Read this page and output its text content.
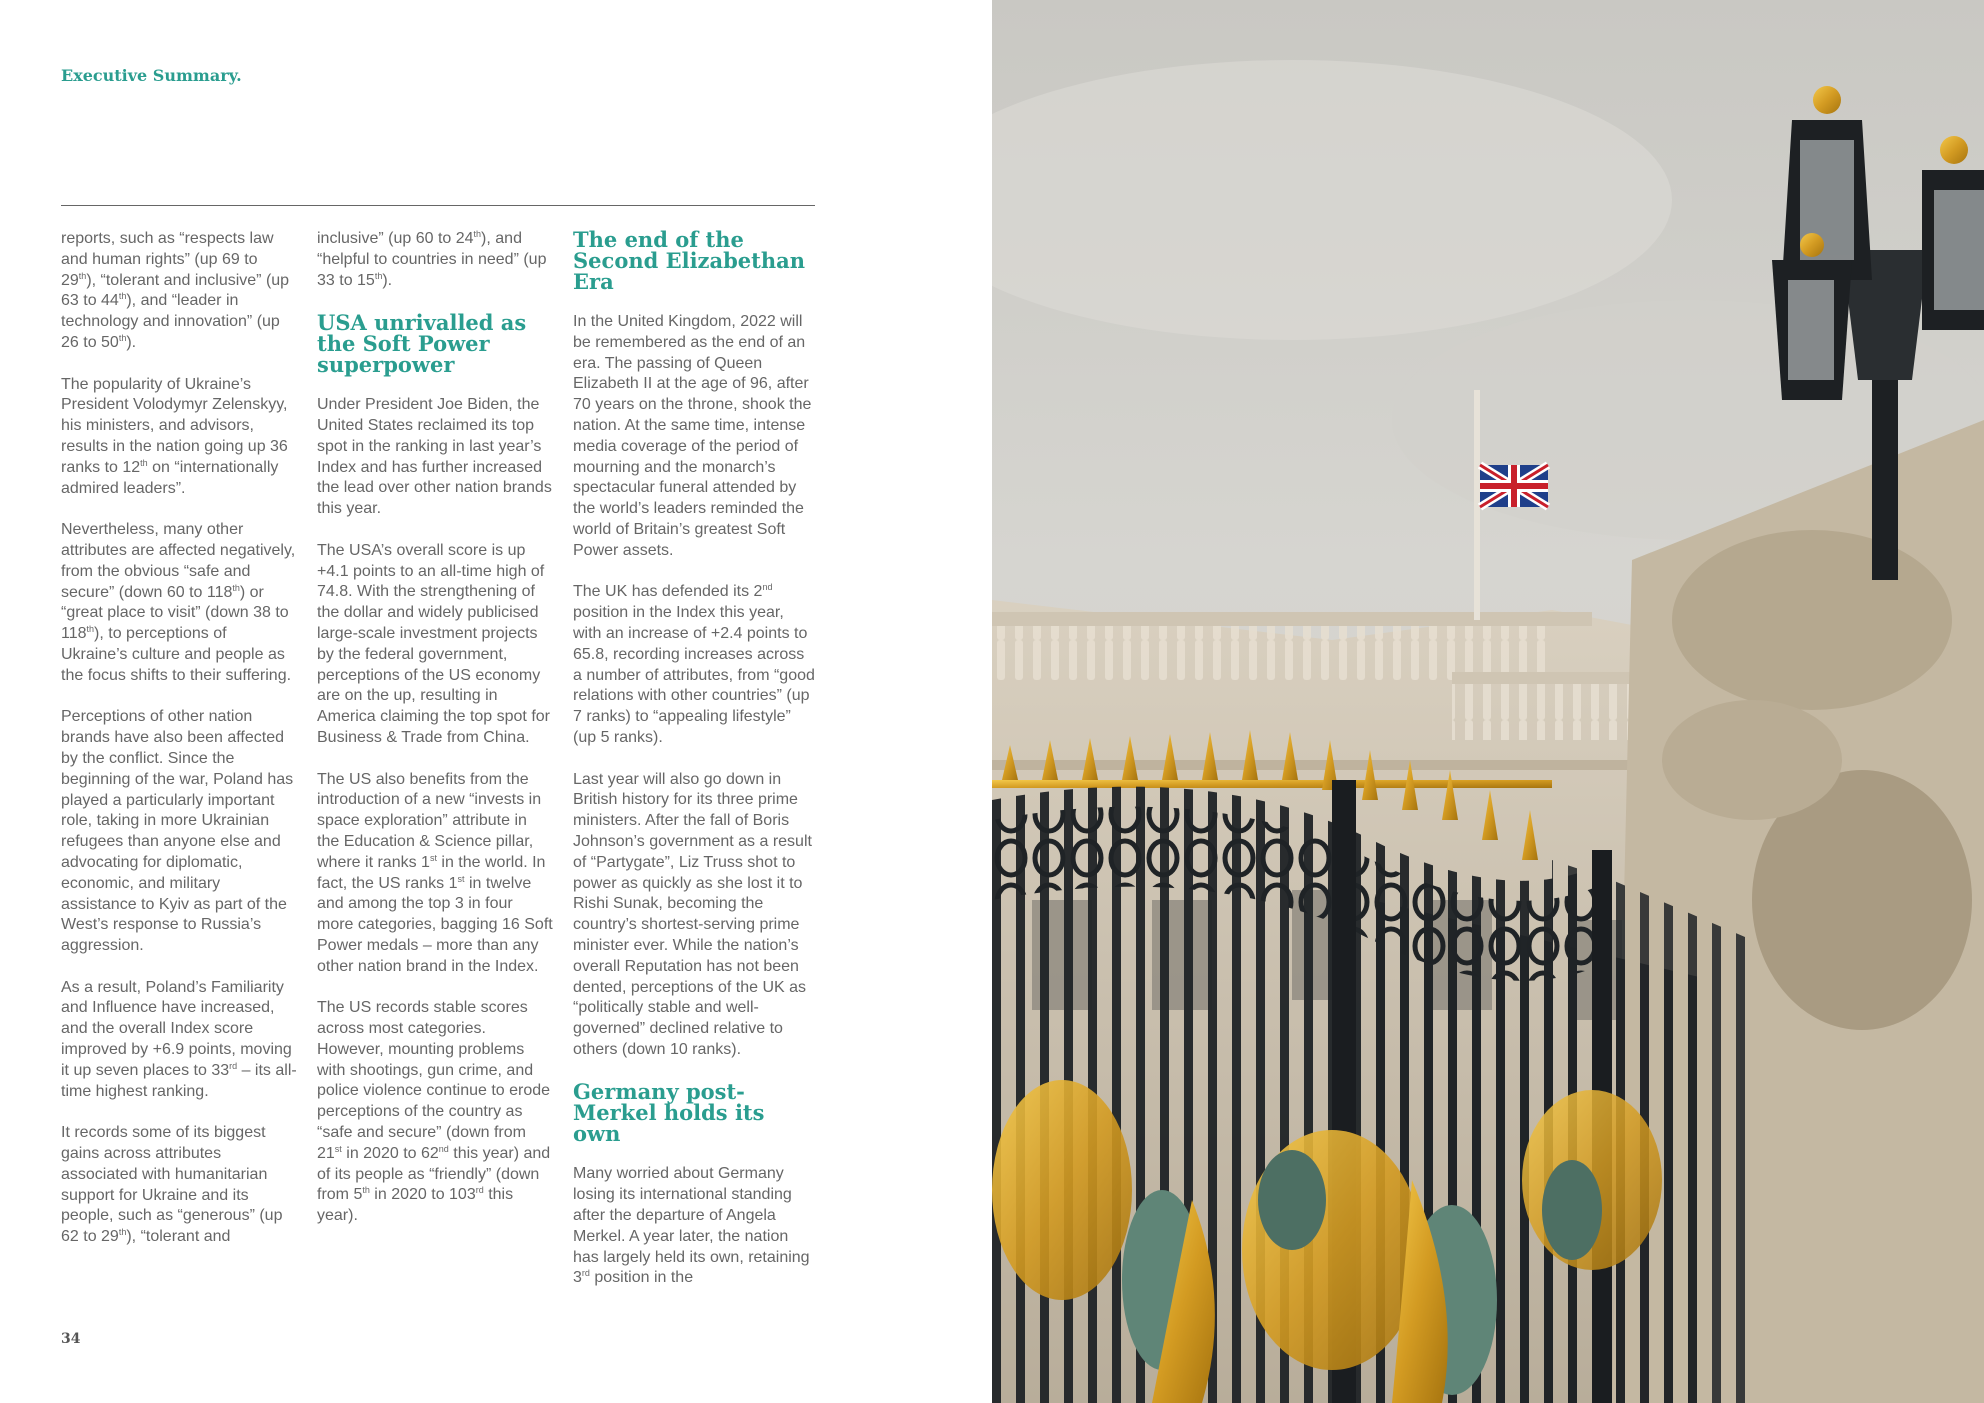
Executive Summary.

reports, such as “respects law and human rights” (up 69 to 29th), “tolerant and inclusive” (up 63 to 44th), and “leader in technology and innovation” (up 26 to 50th).

The popularity of Ukraine’s President Volodymyr Zelenskyy, his ministers, and advisors, results in the nation going up 36 ranks to 12th on “internationally admired leaders”.

Nevertheless, many other attributes are affected negatively, from the obvious “safe and secure” (down 60 to 118th) or “great place to visit” (down 38 to 118th), to perceptions of Ukraine’s culture and people as the focus shifts to their suffering.

Perceptions of other nation brands have also been affected by the conflict. Since the beginning of the war, Poland has played a particularly important role, taking in more Ukrainian refugees than anyone else and advocating for diplomatic, economic, and military assistance to Kyiv as part of the West’s response to Russia’s aggression.

As a result, Poland’s Familiarity and Influence have increased, and the overall Index score improved by +6.9 points, moving it up seven places to 33rd – its all-time highest ranking.

It records some of its biggest gains across attributes associated with humanitarian support for Ukraine and its people, such as “generous” (up 62 to 29th), “tolerant and

inclusive” (up 60 to 24th), and “helpful to countries in need” (up 33 to 15th).

USA unrivalled as the Soft Power superpower

Under President Joe Biden, the United States reclaimed its top spot in the ranking in last year’s Index and has further increased the lead over other nation brands this year.

The USA’s overall score is up +4.1 points to an all-time high of 74.8. With the strengthening of the dollar and widely publicised large-scale investment projects by the federal government, perceptions of the US economy are on the up, resulting in America claiming the top spot for Business & Trade from China.

The US also benefits from the introduction of a new “invests in space exploration” attribute in the Education & Science pillar, where it ranks 1st in the world. In fact, the US ranks 1st in twelve and among the top 3 in four more categories, bagging 16 Soft Power medals – more than any other nation brand in the Index.

The US records stable scores across most categories. However, mounting problems with shootings, gun crime, and police violence continue to erode perceptions of the country as “safe and secure” (down from 21st in 2020 to 62nd this year) and of its people as “friendly” (down from 5th in 2020 to 103rd this year).

The end of the Second Elizabethan Era

In the United Kingdom, 2022 will be remembered as the end of an era. The passing of Queen Elizabeth II at the age of 96, after 70 years on the throne, shook the nation. At the same time, intense media coverage of the period of mourning and the monarch’s spectacular funeral attended by the world’s leaders reminded the world of Britain’s greatest Soft Power assets.

The UK has defended its 2nd position in the Index this year, with an increase of +2.4 points to 65.8, recording increases across a number of attributes, from “good relations with other countries” (up 7 ranks) to “appealing lifestyle” (up 5 ranks).

Last year will also go down in British history for its three prime ministers. After the fall of Boris Johnson’s government as a result of “Partygate”, Liz Truss shot to power as quickly as she lost it to Rishi Sunak, becoming the country’s shortest-serving prime minister ever. While the nation’s overall Reputation has not been dented, perceptions of the UK as “politically stable and well-governed” declined relative to others (down 10 ranks).

Germany post-Merkel holds its own

Many worried about Germany losing its international standing after the departure of Angela Merkel. A year later, the nation has largely held its own, retaining 3rd position in the

34
